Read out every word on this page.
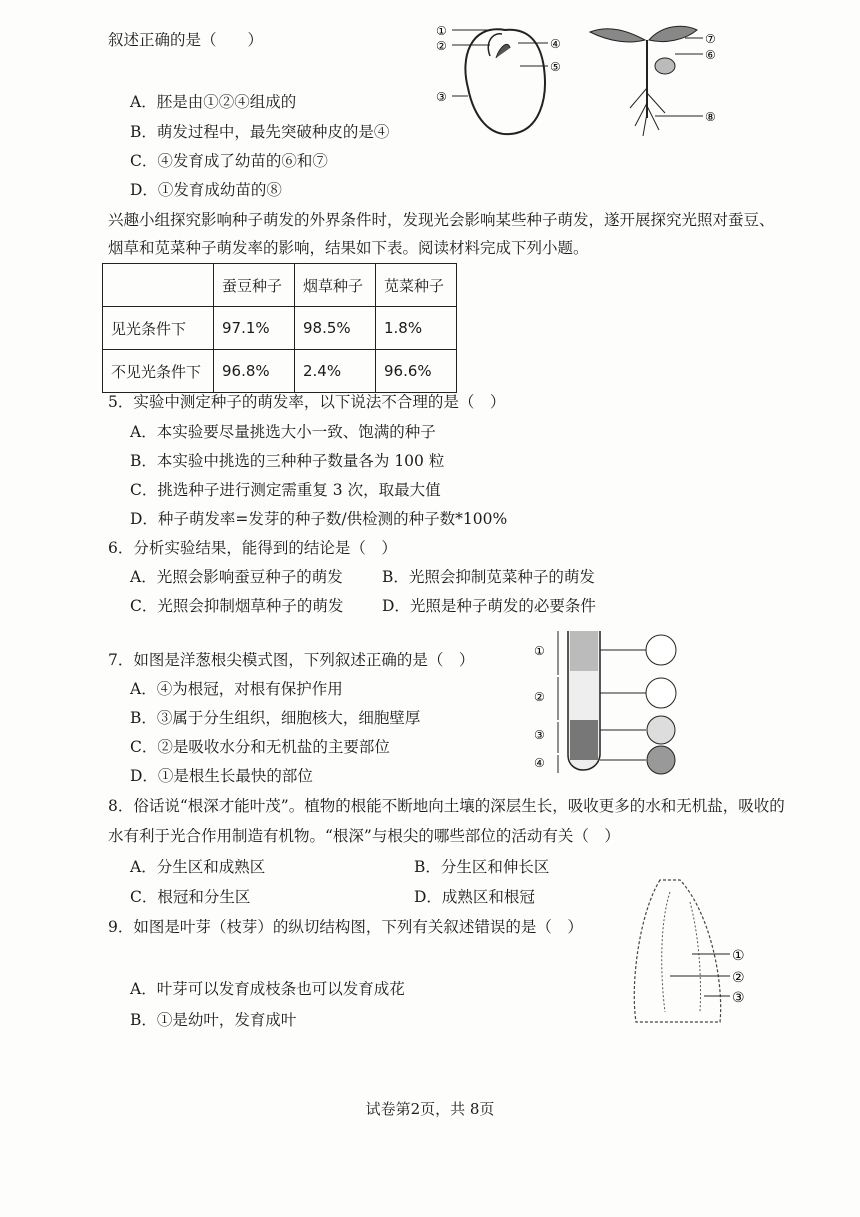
叙述正确的是（　　）
A．胚是由①②④组成的
B．萌发过程中，最先突破种皮的是④
C．④发育成了幼苗的⑥和⑦
D．①发育成幼苗的⑧
①
②	④
⑤
③
⑦
⑥
⑧
兴趣小组探究影响种子萌发的外界条件时，发现光会影响某些种子萌发，遂开展探究光照对蚕豆、
烟草和苋菜种子萌发率的影响，结果如下表。阅读材料完成下列小题。
	蚕豆种子	烟草种子	苋菜种子
见光条件下	97.1%	98.5%	1.8%
不见光条件下	96.8%	2.4%	96.6%
5．实验中测定种子的萌发率，以下说法不合理的是（　）
A．本实验要尽量挑选大小一致、饱满的种子
B．本实验中挑选的三种种子数量各为 100 粒
C．挑选种子进行测定需重复 3 次，取最大值
D．种子萌发率=发芽的种子数/供检测的种子数*100%
6．分析实验结果，能得到的结论是（　）
A．光照会影响蚕豆种子的萌发	B．光照会抑制苋菜种子的萌发
C．光照会抑制烟草种子的萌发 D．光照是种子萌发的必要条件
7．如图是洋葱根尖模式图，下列叙述正确的是（　）
A．④为根冠，对根有保护作用
B．③属于分生组织，细胞核大，细胞壁厚
C．②是吸收水分和无机盐的主要部位
D．①是根生长最快的部位
①
②
③
④
8．俗话说“根深才能叶茂”。植物的根能不断地向土壤的深层生长，吸收更多的水和无机盐，吸收的
水有利于光合作用制造有机物。“根深”与根尖的哪些部位的活动有关（　）
A．分生区和成熟区	B．分生区和伸长区
C．根冠和分生区	D．成熟区和根冠
9．如图是叶芽（枝芽）的纵切结构图，下列有关叙述错误的是（　）
A．叶芽可以发育成枝条也可以发育成花
B．①是幼叶，发育成叶
①
②
③
试卷第2页，共 8页
